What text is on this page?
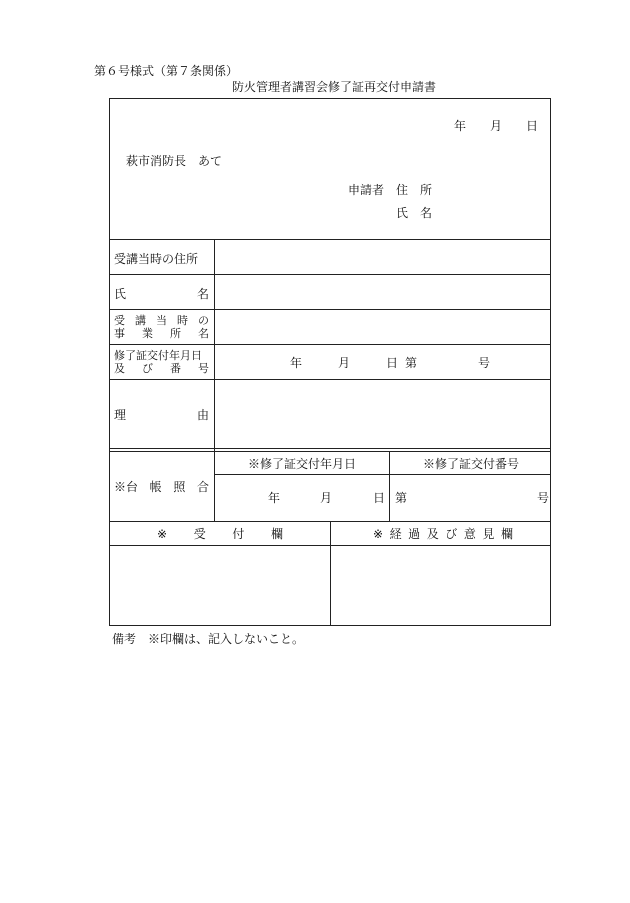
第６号様式（第７条関係）
防火管理者講習会修了証再交付申請書
年 月 日
萩市消防長　あて
申請者 住　所
氏　名
受講当時の住所
氏	名
受 講 当 時 の
事 業 所 名
修了証交付年月日
及 び 番 号	年	月	日 第	号
理	由
※台 帳 照 合
※修了証交付年月日	※修了証交付番号
年	月	日 第	号
※ 受 付 欄	※ 経 過 及 び 意 見 欄
備考　※印欄は、記入しないこと。
